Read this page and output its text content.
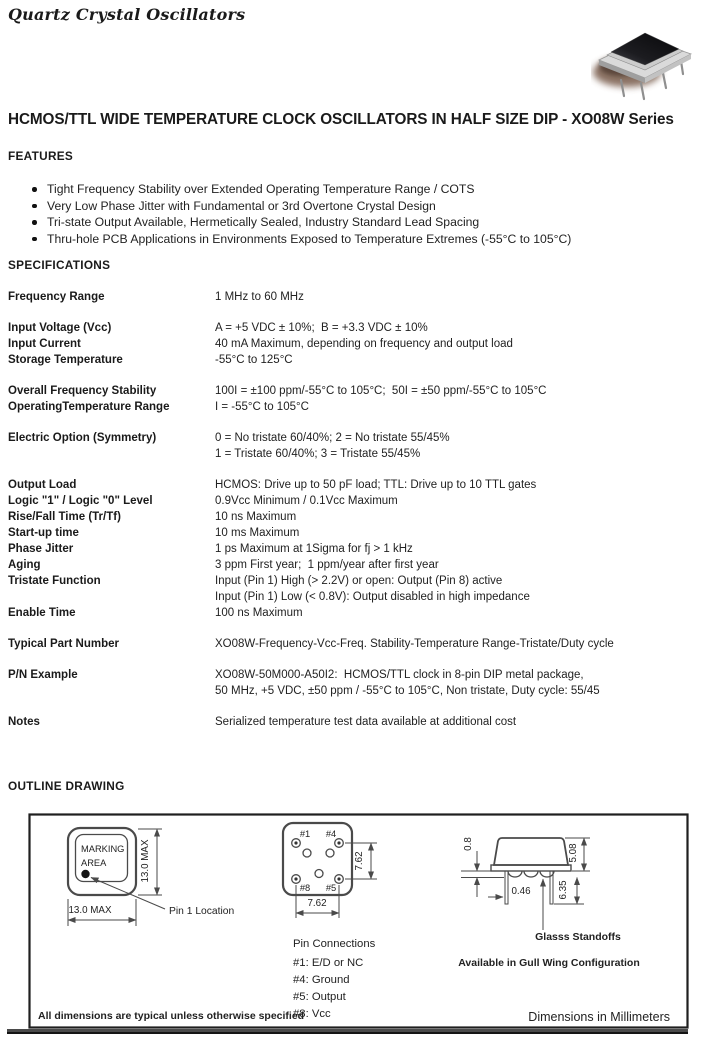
Quartz Crystal Oscillators
HCMOS/TTL WIDE TEMPERATURE CLOCK OSCILLATORS IN HALF SIZE DIP - XO08W Series
FEATURES
Tight Frequency Stability over Extended Operating Temperature Range / COTS
Very Low Phase Jitter with Fundamental or 3rd Overtone Crystal Design
Tri-state Output Available, Hermetically Sealed, Industry Standard Lead Spacing
Thru-hole PCB Applications in Environments Exposed to Temperature Extremes (-55°C to 105°C)
SPECIFICATIONS
Frequency Range	1 MHz to 60 MHz
Input Voltage (Vcc)	A = +5 VDC ± 10%;  B = +3.3 VDC ± 10%
Input Current	40 mA Maximum, depending on frequency and output load
Storage Temperature	-55°C to 125°C
Overall Frequency Stability	100I = ±100 ppm/-55°C to 105°C;  50I = ±50 ppm/-55°C to 105°C
OperatingTemperature Range	I = -55°C to 105°C
Electric Option (Symmetry)	0 = No tristate 60/40%; 2 = No tristate 55/45%
1 = Tristate 60/40%; 3 = Tristate 55/45%
Output Load	HCMOS: Drive up to 50 pF load; TTL: Drive up to 10 TTL gates
Logic "1" / Logic "0" Level	0.9Vcc Minimum / 0.1Vcc Maximum
Rise/Fall Time (Tr/Tf)	10 ns Maximum
Start-up time	10 ms Maximum
Phase Jitter	1 ps Maximum at 1Sigma for fj > 1 kHz
Aging	3 ppm First year;  1 ppm/year after first year
Tristate Function	Input (Pin 1) High (> 2.2V) or open: Output (Pin 8) active
Input (Pin 1) Low (< 0.8V): Output disabled in high impedance
Enable Time	100 ns Maximum
Typical Part Number	XO08W-Frequency-Vcc-Freq. Stability-Temperature Range-Tristate/Duty cycle
P/N Example	XO08W-50M000-A50I2:  HCMOS/TTL clock in 8-pin DIP metal package,
50 MHz, +5 VDC, ±50 ppm / -55°C to 105°C, Non tristate, Duty cycle: 55/45
Notes	Serialized temperature test data available at additional cost
OUTLINE DRAWING
MARKING
AREA	13.0 MAX
13.0 MAX	Pin 1 Location
#1 #4
#8 #5
7.62
7.62
Pin Connections
#1: E/D or NC
#4: Ground
#5: Output
#8: Vcc
0.8	5.08
6.35
0.46
Glasss Standoffs
Available in Gull Wing Configuration
All dimensions are typical unless otherwise specified	Dimensions in Millimeters
